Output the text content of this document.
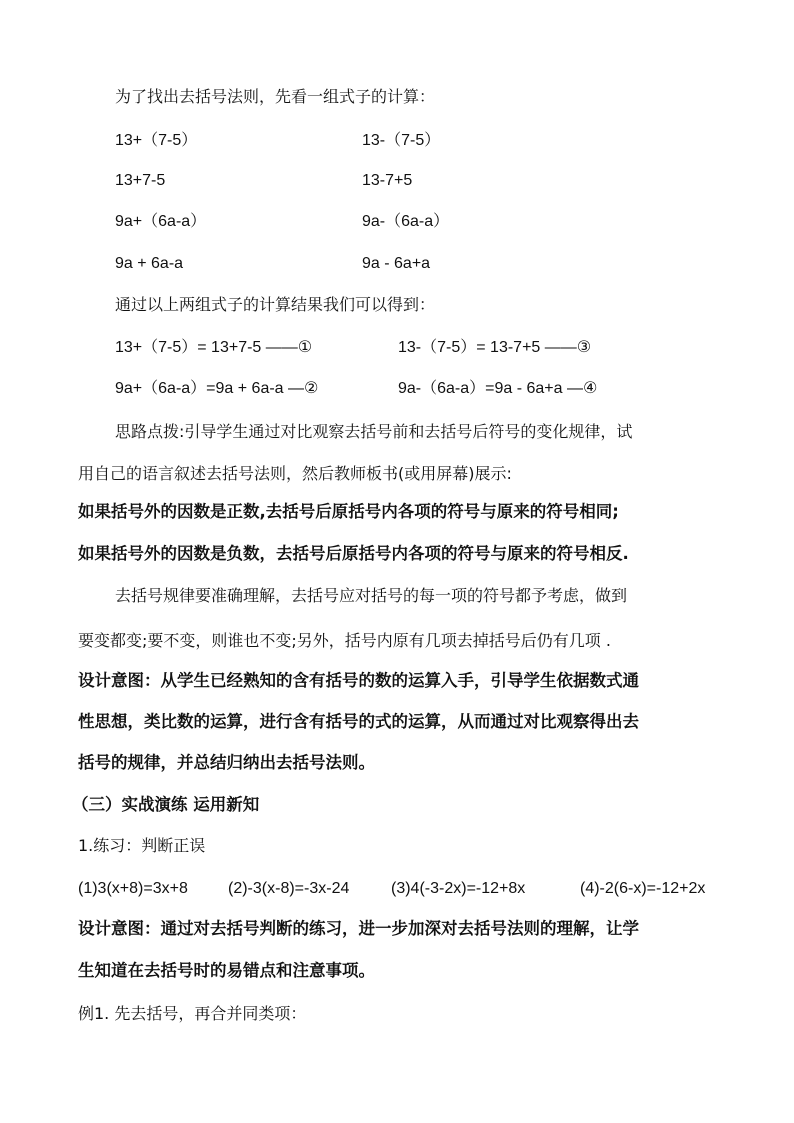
为了找出去括号法则，先看一组式子的计算：
13+（7-5）	13-（7-5）
13+7-5	13-7+5
9a+（6a-a）	9a-（6a-a）
9a + 6a-a	9a - 6a+a
通过以上两组式子的计算结果我们可以得到：
13+（7-5）= 13+7-5 ——①	13-（7-5）= 13-7+5 ——③
9a+（6a-a）=9a + 6a-a —②	9a-（6a-a）=9a - 6a+a —④
思路点拨:引导学生通过对比观察去括号前和去括号后符号的变化规律，试
用自己的语言叙述去括号法则，然后教师板书(或用屏幕)展示:
如果括号外的因数是正数,去括号后原括号内各项的符号与原来的符号相同;
如果括号外的因数是负数，去括号后原括号内各项的符号与原来的符号相反.
去括号规律要准确理解，去括号应对括号的每一项的符号都予考虑，做到
要变都变;要不变，则谁也不变;另外，括号内原有几项去掉括号后仍有几项 .
设计意图：从学生已经熟知的含有括号的数的运算入手，引导学生依据数式通
性思想，类比数的运算，进行含有括号的式的运算，从而通过对比观察得出去
括号的规律，并总结归纳出去括号法则。
（三）实战演练 运用新知
1.练习：判断正误
(1)3(x+8)=3x+8	(2)-3(x-8)=-3x-24	(3)4(-3-2x)=-12+8x	(4)-2(6-x)=-12+2x
设计意图：通过对去括号判断的练习，进一步加深对去括号法则的理解，让学
生知道在去括号时的易错点和注意事项。
例1. 先去括号，再合并同类项：
